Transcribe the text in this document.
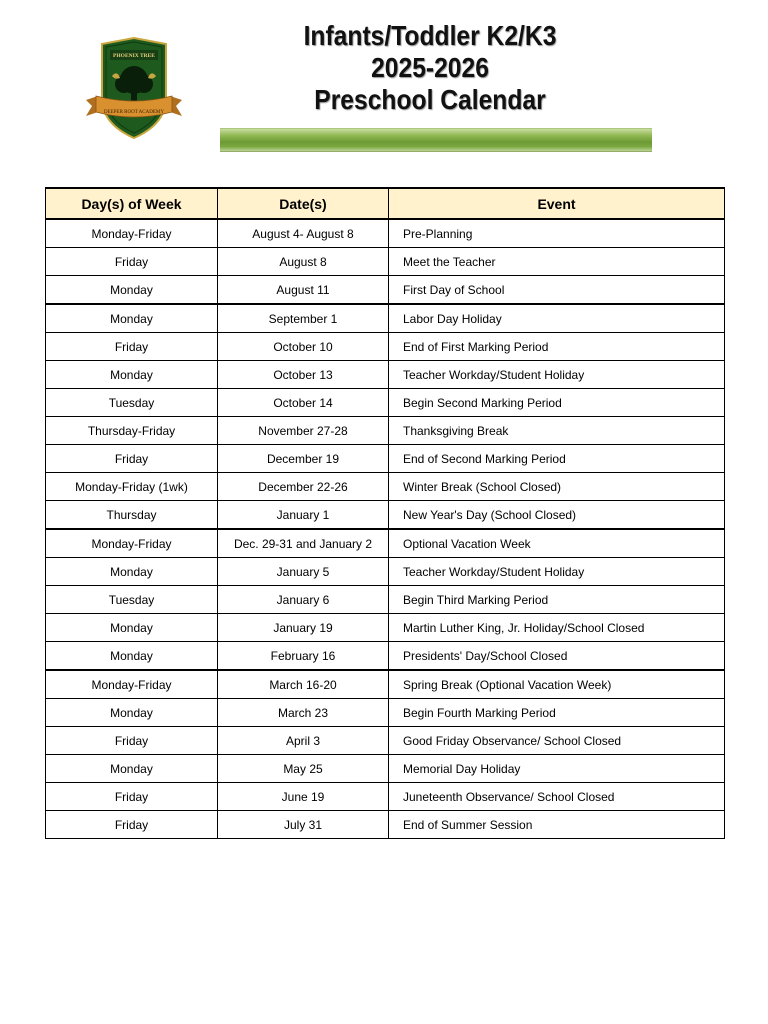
PHOENIX TREE
DEEPER ROOT ACADEMY
Infants/Toddler K2/K3
2025-2026
Preschool Calendar
Day(s) of Week	Date(s)	Event
Monday-Friday	August 4- August 8	Pre-Planning
Friday	August 8	Meet the Teacher
Monday	August 11	First Day of School
Monday	September 1	Labor Day Holiday
Friday	October 10	End of First Marking Period
Monday	October 13	Teacher Workday/Student Holiday
Tuesday	October 14	Begin Second Marking Period
Thursday-Friday	November 27-28	Thanksgiving Break
Friday	December 19	End of Second Marking Period
Monday-Friday (1wk)	December 22-26	Winter Break (School Closed)
Thursday	January 1	New Year's Day (School Closed)
Monday-Friday	Dec. 29-31 and January 2	Optional Vacation Week
Monday	January 5	Teacher Workday/Student Holiday
Tuesday	January 6	Begin Third Marking Period
Monday	January 19	Martin Luther King, Jr. Holiday/School Closed
Monday	February 16	Presidents' Day/School Closed
Monday-Friday	March 16-20	Spring Break (Optional Vacation Week)
Monday	March 23	Begin Fourth Marking Period
Friday	April 3	Good Friday Observance/ School Closed
Monday	May 25	Memorial Day Holiday
Friday	June 19	Juneteenth Observance/ School Closed
Friday	July 31	End of Summer Session
